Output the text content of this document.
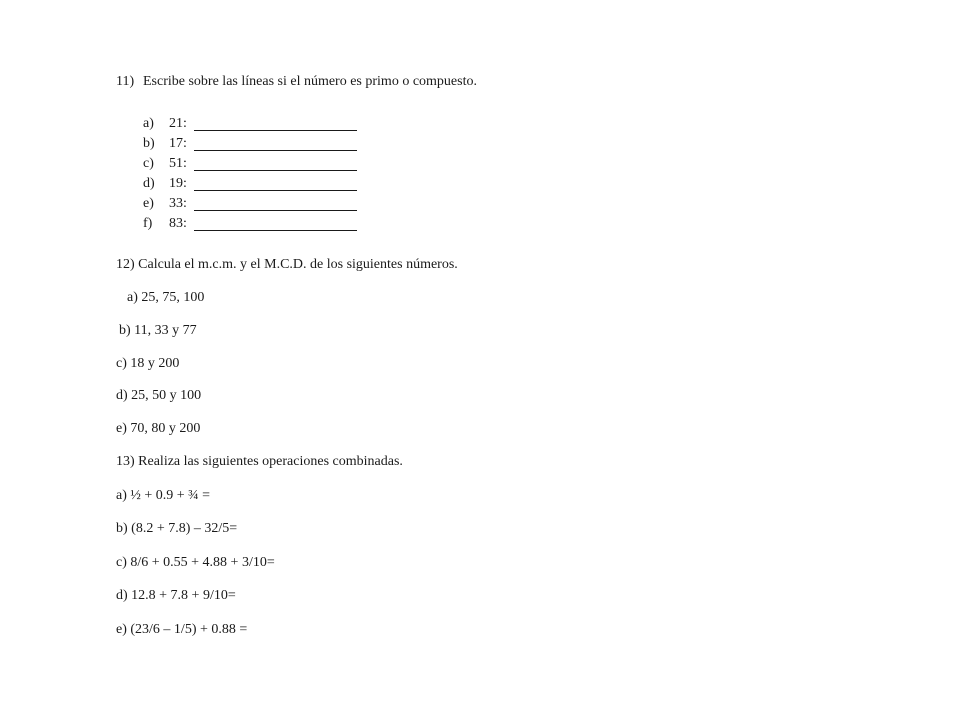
11) Escribe sobre las líneas si el número es primo o compuesto.
a) 21:
b) 17:
c) 51:
d) 19:
e) 33:
f) 83:
12) Calcula el m.c.m. y el M.C.D. de los siguientes números.
a) 25, 75, 100
b) 11, 33 y 77
c) 18 y 200
d) 25, 50 y 100
e) 70, 80 y 200
13) Realiza las siguientes operaciones combinadas.
a) ½ + 0.9 + ¾ =
b) (8.2 + 7.8) – 32/5=
c) 8/6 + 0.55 + 4.88 + 3/10=
d) 12.8 + 7.8 + 9/10=
e) (23/6 – 1/5) + 0.88 =
